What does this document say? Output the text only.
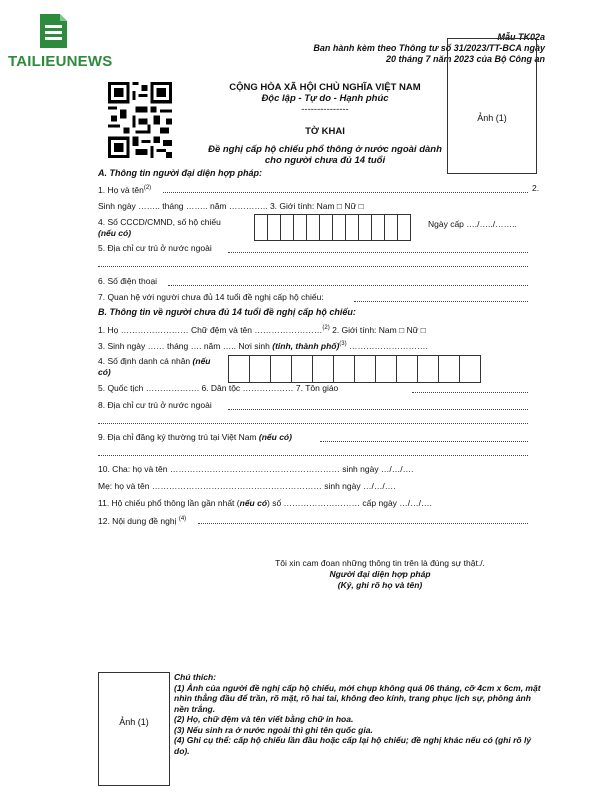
TAILIEUNEWS
Mẫu TK02a
Ban hành kèm theo Thông tư số 31/2023/TT-BCA ngày
20 tháng 7 năm 2023 của Bộ Công an
CỘNG HÒA XÃ HỘI CHỦ NGHĨA VIỆT NAM
Độc lập - Tự do - Hạnh phúc
---------------
Ảnh (1)
TỜ KHAI
Đề nghị cấp hộ chiếu phổ thông ở nước ngoài dành
cho người chưa đủ 14 tuổi
A. Thông tin người đại diện hợp pháp:
1. Họ và tên$^{(2)}$	2.
Sinh ngày …….. tháng …….. năm ………….. 3. Giới tính: Nam □ Nữ □
4. Số CCCD/CMND, số hộ chiếu
(nếu có)
Ngày cấp …./…../……..
5. Địa chỉ cư trú ở nước ngoài
6. Số điện thoại
7. Quan hệ với người chưa đủ 14 tuổi đề nghị cấp hộ chiếu:
B. Thông tin về người chưa đủ 14 tuổi đề nghị cấp hộ chiếu:
1. Họ …………………… Chữ đệm và tên ……………………$^{(2)}$ 2. Giới tính: Nam □ Nữ □
3. Sinh ngày …… tháng …. năm ….. Nơi sinh (tỉnh, thành phố)$^{(3)}$ ……………………….
4. Số định danh cá nhân (nếu
có)
5. Quốc tịch ………………. 6. Dân tộc ……………… 7. Tôn giáo
8. Địa chỉ cư trú ở nước ngoài
9. Địa chỉ đăng ký thường trú tại Việt Nam (nếu có)
10. Cha: họ và tên …………………………………………………… sinh ngày …/…/….
Mẹ: họ và tên …………………………………………………… sinh ngày …/…/….
11. Hộ chiếu phổ thông lần gần nhất (nếu có) số ……………………… cấp ngày …/…/….
12. Nội dung đề nghị $^{(4)}$
Tôi xin cam đoan những thông tin trên là đúng sự thật./.
Người đại diện hợp pháp
(Ký, ghi rõ họ và tên)
Ảnh (1)
Chú thích:
(1) Ảnh của người đề nghị cấp hộ chiếu, mới chụp không quá 06 tháng, cỡ 4cm x 6cm, mặt nhìn thẳng đầu để trần, rõ mặt, rõ hai tai, không đeo kính, trang phục lịch sự, phông ảnh nền trắng.
(2) Họ, chữ đệm và tên viết bằng chữ in hoa.
(3) Nếu sinh ra ở nước ngoài thì ghi tên quốc gia.
(4) Ghi cụ thể: cấp hộ chiếu lần đầu hoặc cấp lại hộ chiếu; đề nghị khác nếu có (ghi rõ lý do).
